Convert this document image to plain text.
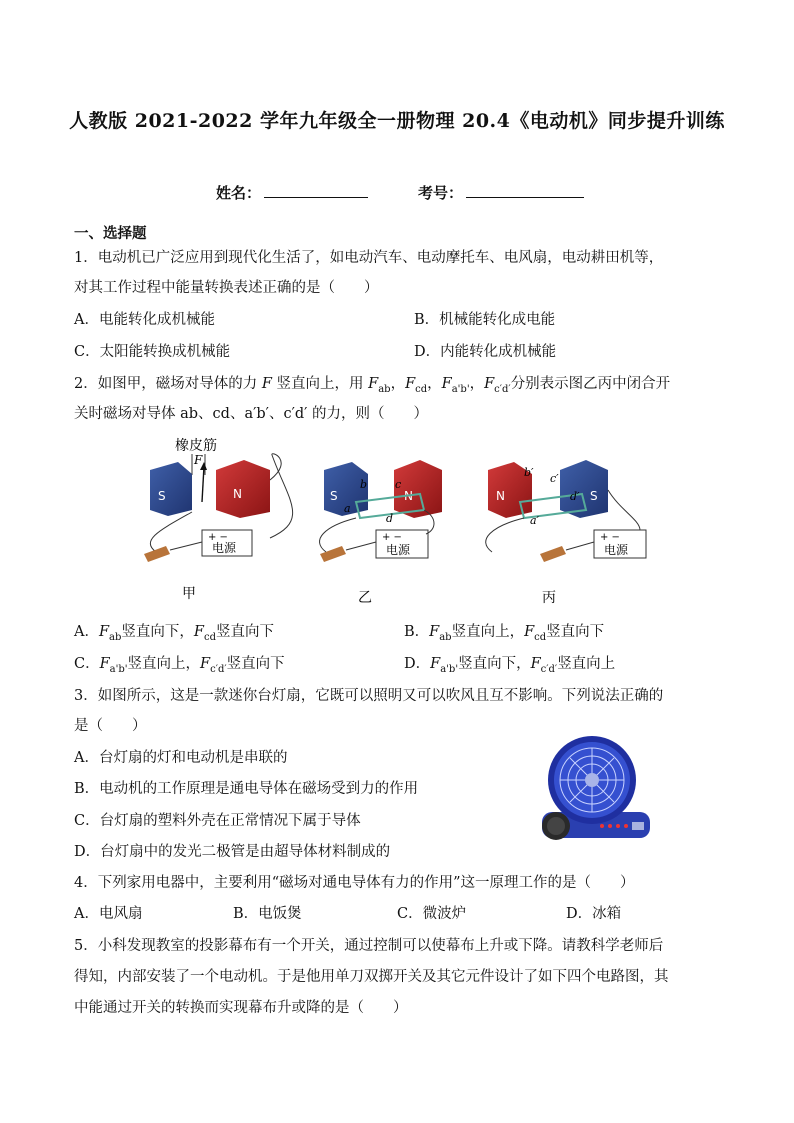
人教版 2021-2022 学年九年级全一册物理 20.4《电动机》同步提升训练
姓名：	考号：
一、选择题
1．电动机已广泛应用到现代化生活了，如电动汽车、电动摩托车、电风扇，电动耕田机等，
对其工作过程中能量转换表述正确的是（　　）
A．电能转化成机械能	B．机械能转化成电能
C．太阳能转换成机械能	D．内能转化成机械能
2．如图甲，磁场对导体的力 F 竖直向上，用 $F_{ab}$，$F_{cd}$，$F_{a'b'}$，$F_{c'd'}$分别表示图乙丙中闭合开
关时磁场对导体 ab、cd、a′b′、c′d′ 的力，则（　　）
橡皮筋
S	N
F
+ −
电源
甲
S	N
b	c
a
d
+ −
电源
乙
N	S
b′ c′
d′
a′
+ −
电源
丙
A．$F_{ab}$竖直向下，$F_{cd}$竖直向下	B．$F_{ab}$竖直向上，$F_{cd}$竖直向下
C．$F_{a'b'}$竖直向上，$F_{c'd'}$竖直向下	D．$F_{a'b'}$竖直向下，$F_{c'd'}$竖直向上
3．如图所示，这是一款迷你台灯扇，它既可以照明又可以吹风且互不影响。下列说法正确的
是（　　）
A．台灯扇的灯和电动机是串联的
B．电动机的工作原理是通电导体在磁场受到力的作用
C．台灯扇的塑料外壳在正常情况下属于导体
D．台灯扇中的发光二极管是由超导体材料制成的
4．下列家用电器中，主要利用“磁场对通电导体有力的作用”这一原理工作的是（　　）
A．电风扇	B．电饭煲	C．微波炉	D．冰箱
5．小科发现教室的投影幕布有一个开关，通过控制可以使幕布上升或下降。请教科学老师后
得知，内部安装了一个电动机。于是他用单刀双掷开关及其它元件设计了如下四个电路图，其
中能通过开关的转换而实现幕布升或降的是（　　）
